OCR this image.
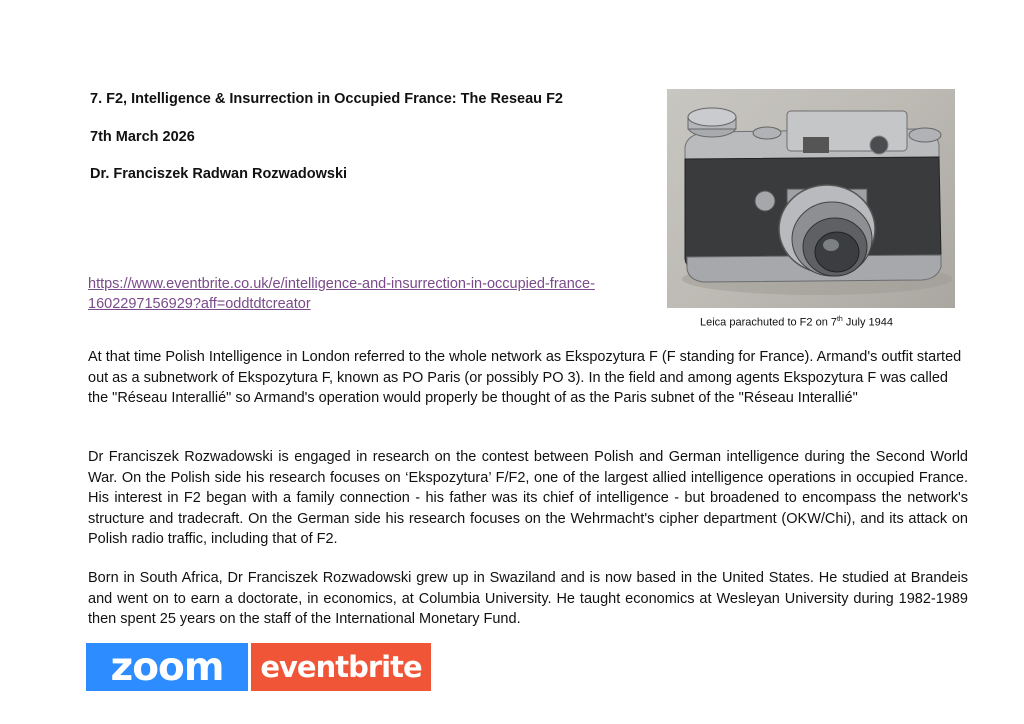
7. F2, Intelligence & Insurrection in Occupied France: The Reseau F2
7th March 2026
Dr. Franciszek Radwan Rozwadowski
https://www.eventbrite.co.uk/e/intelligence-and-insurrection-in-occupied-france-
1602297156929?aff=oddtdtcreator
Leica parachuted to F2 on 7th July 1944

At that time Polish Intelligence in London referred to the whole network as Ekspozytura F (F standing for France). Armand's outfit started out as a subnetwork of Ekspozytura F, known as PO Paris (or possibly PO 3). In the field and among agents Ekspozytura F was called the "Réseau Interallié" so Armand's operation would properly be thought of as the Paris subnet of the "Réseau Interallié"

Dr Franciszek Rozwadowski is engaged in research on the contest between Polish and German intelligence during the Second World War. On the Polish side his research focuses on ‘Ekspozytura’ F/F2, one of the largest allied intelligence operations in occupied France. His interest in F2 began with a family connection - his father was its chief of intelligence - but broadened to encompass the network's structure and tradecraft. On the German side his research focuses on the Wehrmacht's cipher department (OKW/Chi), and its attack on Polish radio traffic, including that of F2.

Born in South Africa, Dr Franciszek Rozwadowski grew up in Swaziland and is now based in the United States. He studied at Brandeis and went on to earn a doctorate, in economics, at Columbia University. He taught economics at Wesleyan University during 1982-1989 then spent 25 years on the staff of the International Monetary Fund.

zoom	eventbrite
